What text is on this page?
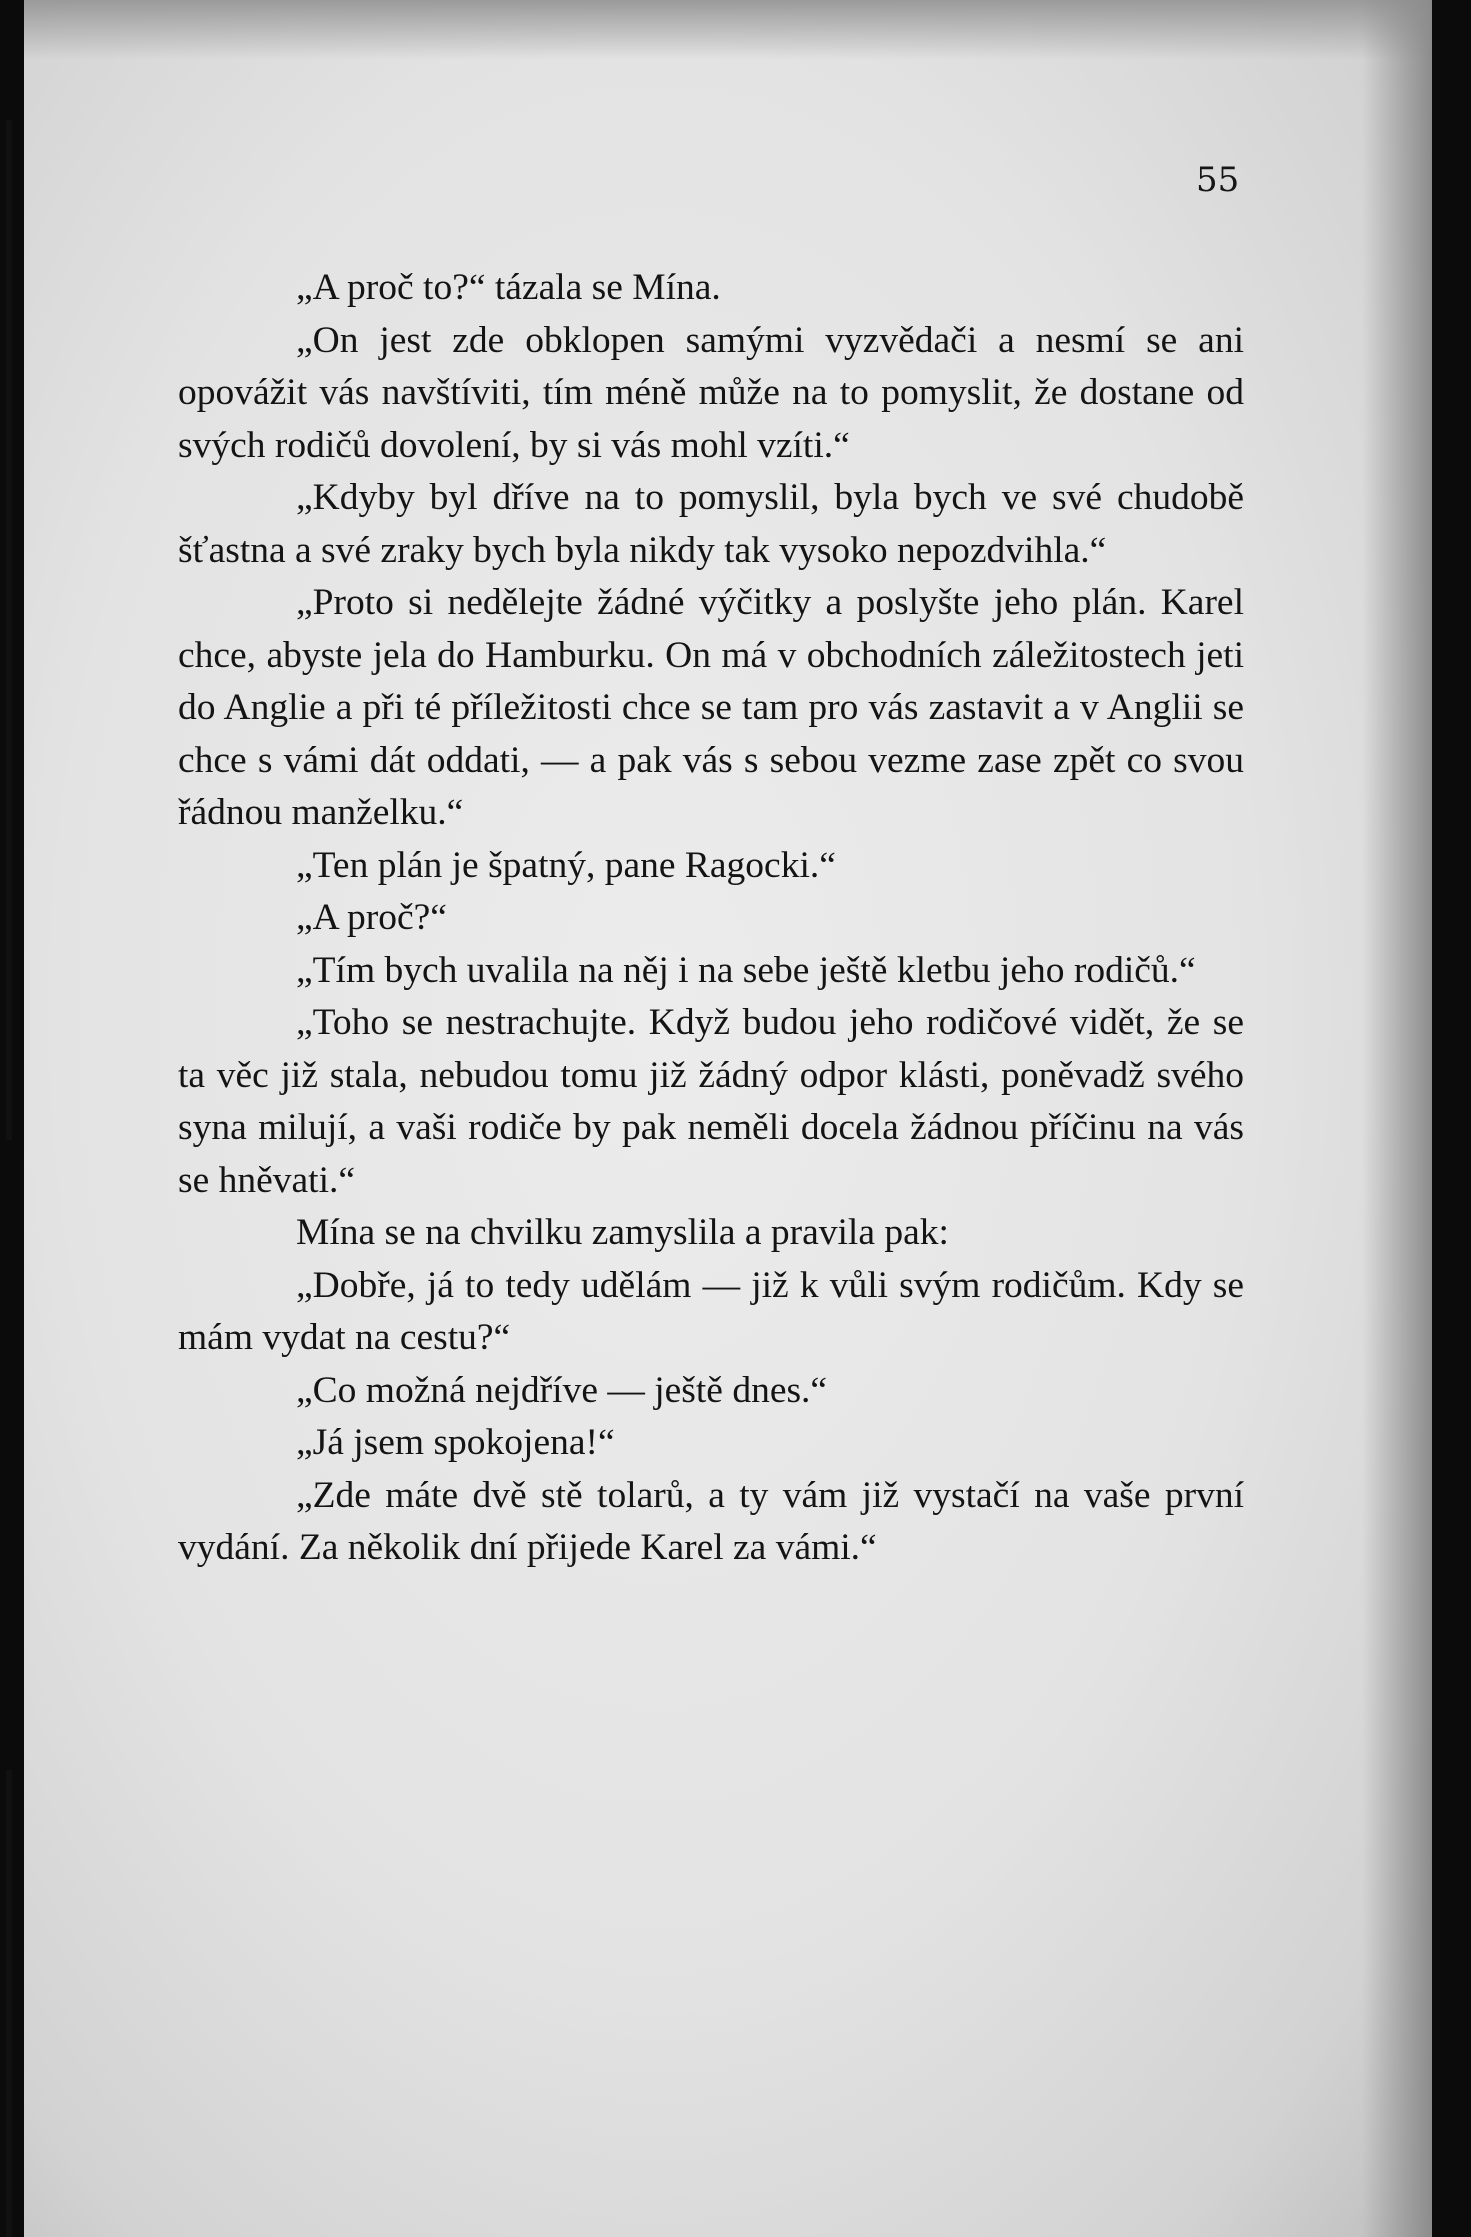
55

„A proč to?“ tázala se Mína.

„On jest zde obklopen samými vyzvědači a nesmí se ani opovážit vás navštíviti, tím méně může na to pomyslit, že dostane od svých rodičů dovolení, by si vás mohl vzíti.“

„Kdyby byl dříve na to pomyslil, byla bych ve své chudobě šťastna a své zraky bych byla nikdy tak vysoko nepozdvihla.“

„Proto si nedělejte žádné výčitky a poslyšte jeho plán. Karel chce, abyste jela do Hamburku. On má v obchodních záležitostech jeti do Anglie a při té příležitosti chce se tam pro vás zastavit a v Anglii se chce s vámi dát oddati, — a pak vás s sebou vezme zase zpět co svou řádnou manželku.“

„Ten plán je špatný, pane Ragocki.“

„A proč?“

„Tím bych uvalila na něj i na sebe ještě kletbu jeho rodičů.“

„Toho se nestrachujte. Když budou jeho rodičové vidět, že se ta věc již stala, nebudou tomu již žádný odpor klásti, poněvadž svého syna milují, a vaši rodiče by pak neměli docela žádnou příčinu na vás se hněvati.“

Mína se na chvilku zamyslila a pravila pak:

„Dobře, já to tedy udělám — již k vůli svým rodičům. Kdy se mám vydat na cestu?“

„Co možná nejdříve — ještě dnes.“

„Já jsem spokojena!“

„Zde máte dvě stě tolarů, a ty vám již vystačí na vaše první vydání. Za několik dní přijede Karel za vámi.“
